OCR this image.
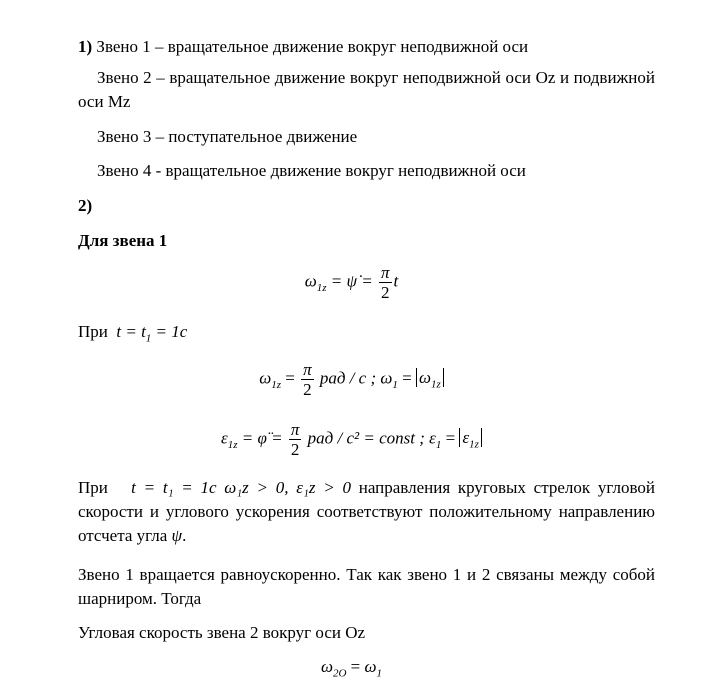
1) Звено 1 – вращательное движение вокруг неподвижной оси
Звено 2 – вращательное движение вокруг неподвижной оси Oz и подвижной оси Mz
Звено 3 – поступательное движение
Звено 4 - вращательное движение вокруг неподвижной оси
2)
Для звена 1
$\omega_{1z}$ = ψ̇ = $\frac{\pi}{2}$ t
При $t = t_1 = 1c$
$\omega_{1z} = \frac{\pi}{2}$ рад / c ; $\omega_1 = \omega_{1z}$
$\varepsilon_{1z}$ = φ̈ = $\frac{\pi}{2}$ рад / c² = const ; $\varepsilon_1 = \varepsilon_{1z}$
При t = t₁ = 1c ω₁z > 0, ε₁z > 0 направления круговых стрелок угловой скорости и углового ускорения соответствуют положительному направлению отсчета угла ψ.
Звено 1 вращается равноускоренно. Так как звено 1 и 2 связаны между собой шарниром. Тогда
Угловая скорость звена 2 вокруг оси Oz
$\omega_{2O} = \omega_1$
